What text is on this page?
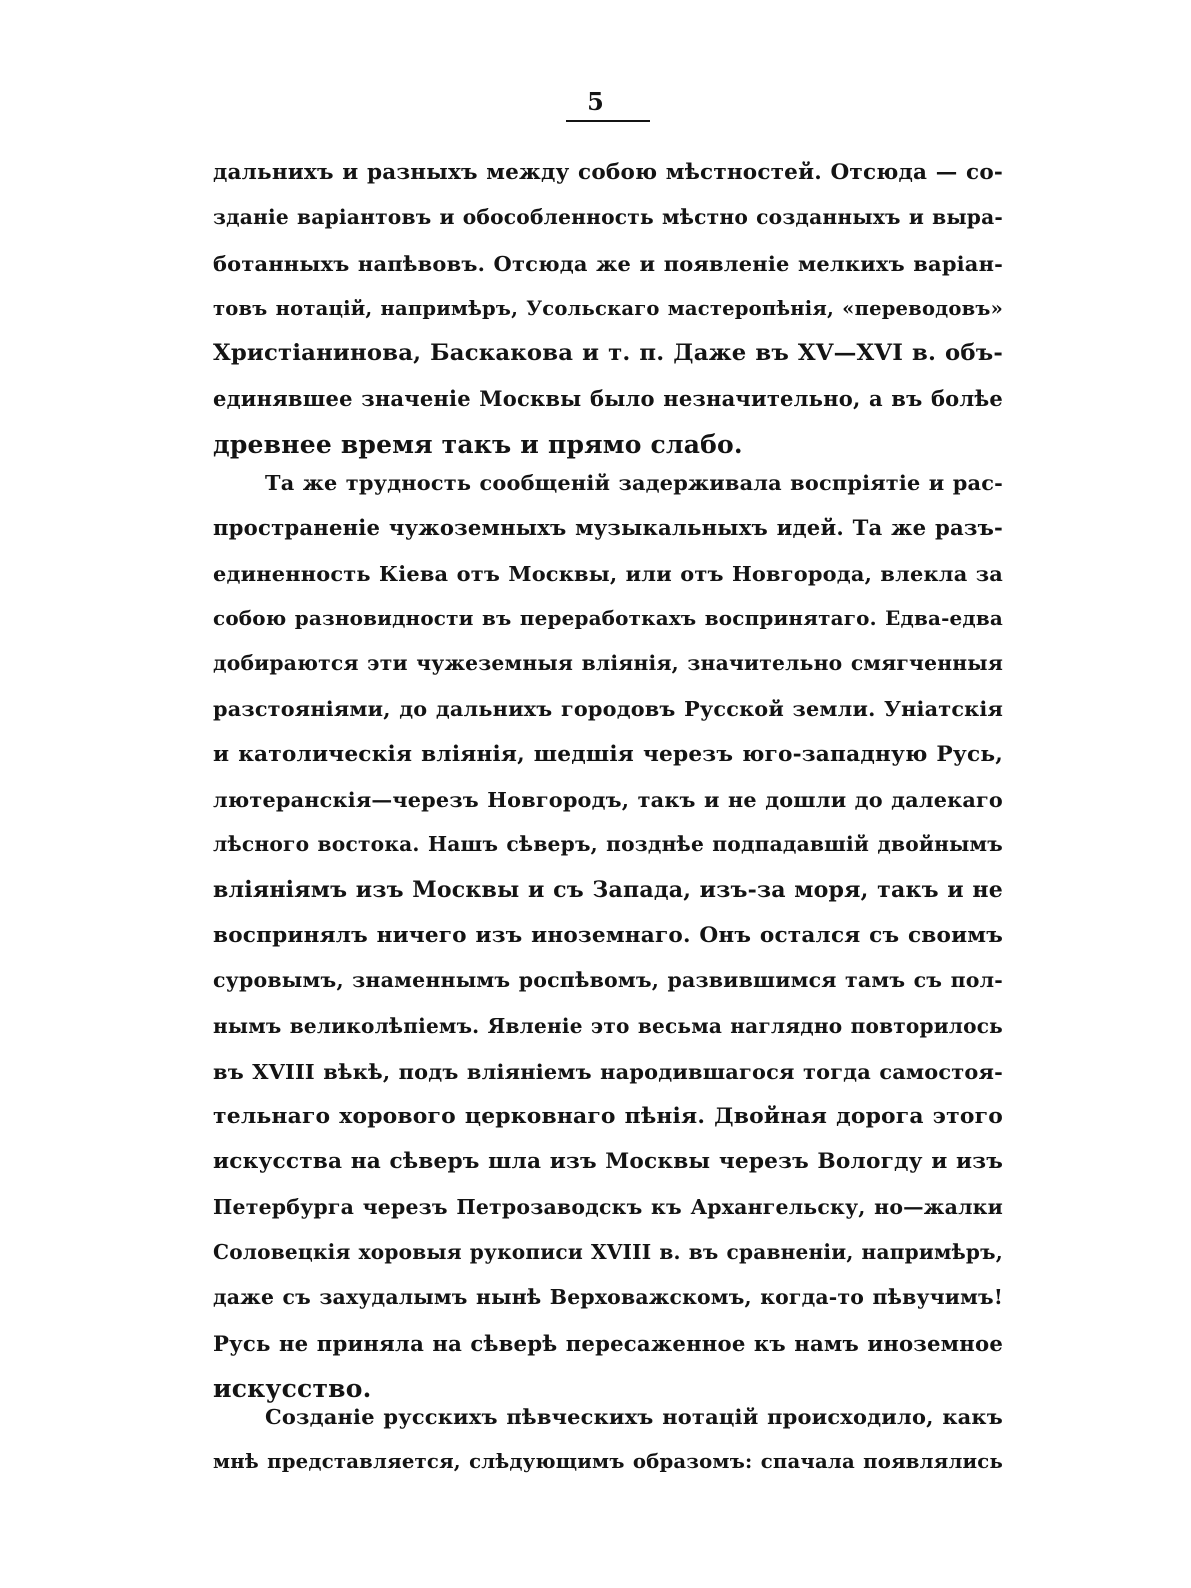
5
дальнихъ и разныхъ между собою мѣстностей. Отсюда — со-
зданіе варіантовъ и обособленность мѣстно созданныхъ и выра-
ботанныхъ напѣвовъ. Отсюда же и появленіе мелкихъ варіан-
товъ нотацій, напримѣръ, Усольскаго мастеропѣнія, «переводовъ»
Христіанинова, Баскакова и т. п. Даже въ XV—XVI в. объ-
единявшее значеніе Москвы было незначительно, а въ болѣе
древнее время такъ и прямо слабо.
Та же трудность сообщеній задерживала воспріятіе и рас-
пространеніе чужоземныхъ музыкальныхъ идей. Та же разъ-
единенность Кіева отъ Москвы, или отъ Новгорода, влекла за
собою разновидности въ переработкахъ воспринятаго. Едва-едва
добираются эти чужеземныя вліянія, значительно смягченныя
разстояніями, до дальнихъ городовъ Русской земли. Уніатскія
и католическія вліянія, шедшія черезъ юго-западную Русь,
лютеранскія—черезъ Новгородъ, такъ и не дошли до далекаго
лѣсного востока. Нашъ сѣверъ, позднѣе подпадавшій двойнымъ
вліяніямъ изъ Москвы и съ Запада, изъ-за моря, такъ и не
воспринялъ ничего изъ иноземнаго. Онъ остался съ своимъ
суровымъ, знаменнымъ роспѣвомъ, развившимся тамъ съ пол-
нымъ великолѣпіемъ. Явленіе это весьма наглядно повторилось
въ XVIII вѣкѣ, подъ вліяніемъ народившагося тогда самостоя-
тельнаго хорового церковнаго пѣнія. Двойная дорога этого
искусства на сѣверъ шла изъ Москвы черезъ Вологду и изъ
Петербурга черезъ Петрозаводскъ къ Архангельску, но—жалки
Соловецкія хоровыя рукописи XVIII в. въ сравненіи, напримѣръ,
даже съ захудалымъ нынѣ Верховажскомъ, когда-то пѣвучимъ!
Русь не приняла на сѣверѣ пересаженное къ намъ иноземное
искусство.
Созданіе русскихъ пѣвческихъ нотацій происходило, какъ
мнѣ представляется, слѣдующимъ образомъ: спачала появлялись
